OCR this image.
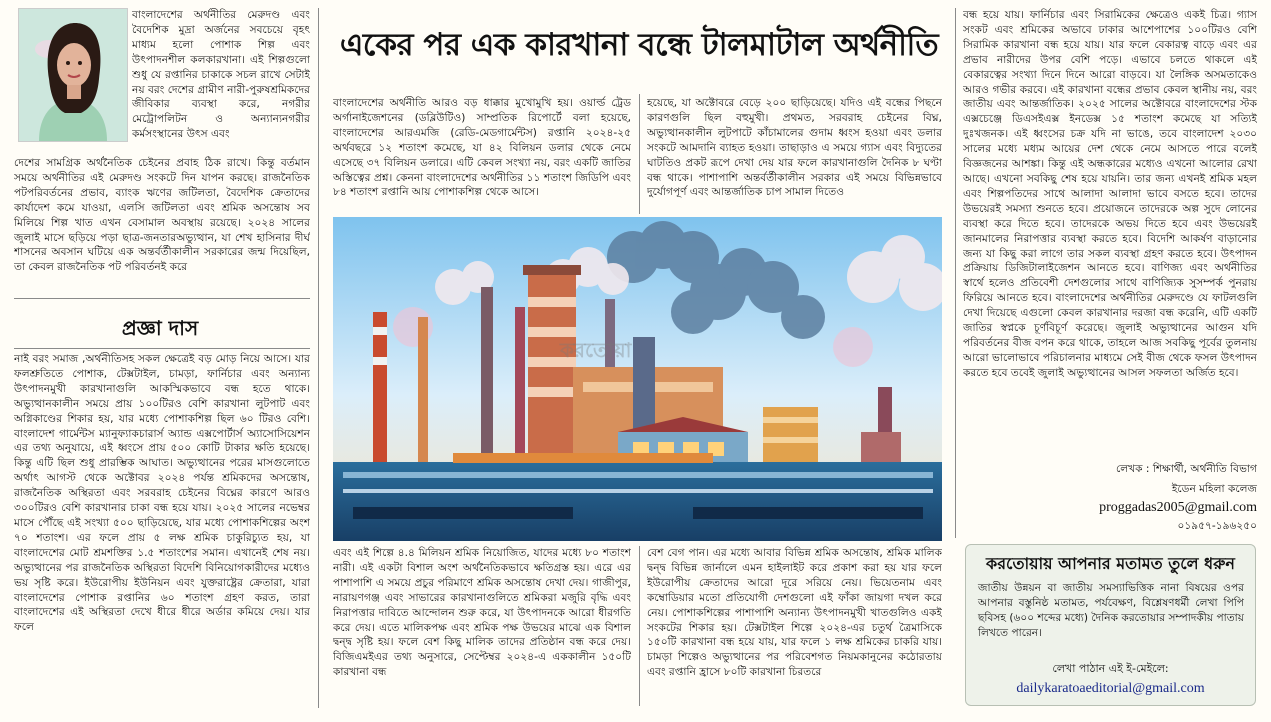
একের পর এক কারখানা বন্ধে টালমাটাল অর্থনীতি

বাংলাদেশের অর্থনীতির মেরুদণ্ড এবং বৈদেশিক মুদ্রা অর্জনের সবচেয়ে বৃহৎ মাধ্যম হলো পোশাক শিল্প এবং উৎপাদনশীল কলকারখানা। এই শিল্পগুলো শুধু যে রপ্তানির চাকাকে সচল রাখে সেটাই নয় বরং দেশের গ্রামীণ নারী-পুরুষশ্রমিকদের জীবিকার ব্যবস্থা করে, নগরীর মেট্রোপলিটন ও অন্যান্যনগরীর কর্মসংস্থানের উৎস এবং

দেশের সামগ্রিক অর্থনৈতিক চেইনের প্রবাহ ঠিক রাখে। কিন্তু বর্তমান সময়ে অর্থনীতির এই মেরুদণ্ড সংকটে দিন যাপন করছে। রাজনৈতিক পটপরিবর্তনের প্রভাব, ব্যাংক ঋণের জটিলতা, বৈদেশিক ক্রেতাদের কার্যাদেশ কমে যাওয়া, এলসি জটিলতা এবং শ্রমিক অসন্তোষ সব মিলিয়ে শিল্প খাত এখন বেসামাল অবস্থায় রয়েছে। ২০২৪ সালের জুলাই মাসে ছড়িয়ে পড়া ছাত্র-জনতারঅভ্যুত্থান, যা শেখ হাসিনার দীর্ঘ শাসনের অবসান ঘটিয়ে এক অন্তর্বর্তীকালীন সরকারের জন্ম দিয়েছিল, তা কেবল রাজনৈতিক পট পরিবর্তনই করে

প্রজ্ঞা দাস

নাই বরং সমাজ ,অর্থনীতিসহ সকল ক্ষেত্রেই বড় মোড় নিয়ে আসে। যার ফলশ্রুতিতে পোশাক, টেক্সটাইল, চামড়া, ফার্নিচার এবং অন্যান্য উৎপাদনমুখী কারখানাগুলি আকস্মিকভাবে বন্ধ হতে থাকে। অভ্যুত্থানকালীন সময়ে প্রায় ১০০টিরও বেশি কারখানা লুটপাট এবং অগ্নিকাণ্ডের শিকার হয়, যার মধ্যে পোশাকশিল্প ছিল ৬০ টিরও বেশি। বাংলাদেশ গার্মেন্টস ম্যানুফ্যাকচারার্স অ্যান্ড এক্সপোর্টার্স অ্যাসোসিয়েশন এর তথ্য অনুযায়ে, এই ধ্বংসে প্রায় ৫০০ কোটি টাকার ক্ষতি হয়েছে। কিন্তু এটি ছিল শুধু প্রারম্ভিক আঘাত। অভ্যুত্থানের পরের মাসগুলোতে অর্থাৎ আগস্ট থেকে অক্টোবর ২০২৪ পর্যন্ত শ্রমিকদের অসন্তোষ, রাজনৈতিক অস্থিরতা এবং সরবরাহ চেইনের বিঘ্নের কারণে আরও ৩০০টিরও বেশি কারখানার চাকা বন্ধ হয়ে যায়। ২০২৫ সালের নভেম্বর মাসে পৌঁছে এই সংখ্যা ৫০০ ছাড়িয়েছে, যার মধ্যে পোশাকশিল্পের অংশ ৭০ শতাংশ। এর ফলে প্রায় ৫ লক্ষ শ্রমিক চাকুরিচ্যুত হয়, যা বাংলাদেশের মোট শ্রমশক্তির ১.৫ শতাংশের সমান। এখানেই শেষ নয়। অভ্যুত্থানের পর রাজনৈতিক অস্থিরতা বিদেশি বিনিয়োগকারীদের মধ্যেও ভয় সৃষ্টি করে। ইউরোপীয় ইউনিয়ন এবং যুক্তরাষ্ট্রের ক্রেতারা, যারা বাংলাদেশের পোশাক রপ্তানির ৬০ শতাংশ গ্রহণ করত, তারা বাংলাদেশের এই অস্থিরতা দেখে ধীরে ধীরে অর্ডার কমিয়ে দেয়। যার ফলে

বাংলাদেশের অর্থনীতি আরও বড় ধাক্কার মুখোমুখি হয়। ওয়ার্ল্ড ট্রেড অর্গানাইজেশনের (ডব্লিউটিও) সাম্প্রতিক রিপোর্টে বলা হয়েছে, বাংলাদেশের আরএমজি (রেডি-মেডগার্মেন্টস) রপ্তানি ২০২৪-২৫ অর্থবছরে ১২ শতাংশ কমেছে, যা ৪২ বিলিয়ন ডলার থেকে নেমে এসেছে ৩৭ বিলিয়ন ডলারে। এটি কেবল সংখ্যা নয়, বরং একটি জাতির অস্তিত্বের প্রশ্ন। কেননা বাংলাদেশের অর্থনীতির ১১ শতাংশ জিডিপি এবং ৮৪ শতাংশ রপ্তানি আয় পোশাকশিল্প থেকে আসে।

হয়েছে, যা অক্টোবরে বেড়ে ২০০ ছাড়িয়েছে। যদিও এই বন্ধের পিছনে কারণগুলি ছিল বহুমুখী। প্রথমত, সরবরাহ চেইনের বিঘ্ন, অভ্যুত্থানকালীন লুটপাটে কাঁচামালের গুদাম ধ্বংস হওয়া এবং ডলার সংকটে আমদানি ব্যাহত হওয়া। তাছাড়াও এ সময়ে গ্যাস এবং বিদ্যুতের ঘাটতিও প্রকট রূপে দেখা দেয় যার ফলে কারখানাগুলি দৈনিক ৮ ঘণ্টা বন্ধ থাকে। পাশাপাশি অন্তর্বর্তীকালীন সরকার এই সময়ে বিভিন্নভাবে দুর্যোগপূর্ণ এবং আন্তর্জাতিক চাপ সামাল দিতেও

করতোয়া

এবং এই শিল্পে ৪.৪ মিলিয়ন শ্রমিক নিয়োজিত, যাদের মধ্যে ৮০ শতাংশ নারী। এই একটা বিশাল অংশ অর্থনৈতিকভাবে ক্ষতিগ্রস্ত হয়। এরে এর পাশাপাশি এ সময়ে প্রচুর পরিমাণে শ্রমিক অসন্তোষ দেখা দেয়। গাজীপুর, নারায়ণগঞ্জ এবং সাভারের কারখানাগুলিতে শ্রমিকরা মজুরি বৃদ্ধি এবং নিরাপত্তার দাবিতে আন্দোলন শুরু করে, যা উৎপাদনকে আরো ধীরগতি করে দেয়। এতে মালিকপক্ষ এবং শ্রমিক পক্ষ উভয়ের মাঝে এক বিশাল দ্বন্দ্ব সৃষ্টি হয়। ফলে বেশ কিছু মালিক তাদের প্রতিষ্ঠান বন্ধ করে দেয়। বিজিএমইএর তথ্য অনুসারে, সেপ্টেম্বর ২০২৪-এ এককালীন ১৫০টি কারখানা বন্ধ

বেশ বেগ পান। এর মধ্যে আবার বিভিন্ন শ্রমিক অসন্তোষ, শ্রমিক মালিক দ্বন্দ্ব বিভিন্ন জার্নালে এমন হাইলাইট করে প্রকাশ করা হয় যার ফলে ইউরোপীয় ক্রেতাদের আরো দূরে সরিয়ে নেয়। ভিয়েতনাম এবং কম্বোডিয়ার মতো প্রতিযোগী দেশগুলো এই ফাঁকা জায়গা দখল করে নেয়। পোশাকশিল্পের পাশাপাশি অন্যান্য উৎপাদনমুখী খাতগুলিও একই সংকটের শিকার হয়। টেক্সটাইল শিল্পে ২০২৪-এর চতুর্থ ত্রৈমাসিকে ১৫০টি কারখানা বন্ধ হয়ে যায়, যার ফলে ১ লক্ষ শ্রমিকের চাকরি যায়। চামড়া শিল্পেও অভ্যুত্থানের পর পরিবেশগত নিয়মকানুনের কঠোরতায় এবং রপ্তানি হ্রাসে ৮০টি কারখানা চিরতরে

বন্ধ হয়ে যায়। ফার্নিচার এবং সিরামিকের ক্ষেত্রেও একই চিত্র। গ্যাস সংকট এবং শ্রমিকের অভাবে ঢাকার আশেপাশের ১০০টিরও বেশি সিরামিক কারখানা বন্ধ হয়ে যায়। যার ফলে বেকারত্ব বাড়ে এবং এর প্রভাব নারীদের উপর বেশি পড়ে। এভাবে চলতে থাকলে এই বেকারত্বের সংখ্যা দিনে দিনে আরো বাড়বে। যা লৈঙ্গিক অসমতাকেও আরও গভীর করবে। এই কারখানা বন্ধের প্রভাব কেবল স্থানীয় নয়, বরং জাতীয় এবং আন্তর্জাতিক। ২০২৫ সালের অক্টোবরে বাংলাদেশের স্টক এক্সচেঞ্জে ডিএসইএক্স ইনডেক্স ১৫ শতাংশ কমেছে যা সত্যিই দুঃখজনক। এই ধ্বংসের চক্র যদি না ভাঙে, তবে বাংলাদেশ ২০৩০ সালের মধ্যে মধ্যম আয়ের দেশ থেকে নেমে আসতে পারে বলেই বিজ্ঞজনের আশঙ্কা। কিন্তু এই অন্ধকারের মধ্যেও এখনো আলোর রেখা আছে। এখনো সবকিছু শেষ হয়ে যায়নি। তার জন্য এখনই শ্রমিক মহল এবং শিল্পপতিদের সাথে আলাদা আলাদা ভাবে বসতে হবে। তাদের উভয়েরই সমস্যা শুনতে হবে। প্রয়োজনে তাদেরকে অল্প সুদে লোনের ব্যবস্থা করে দিতে হবে। তাদেরকে অভয় দিতে হবে এবং উভয়েরই জানমালের নিরাপত্তার ব্যবস্থা করতে হবে। বিদেশি আকর্ষণ বাড়ানোর জন্য যা কিছু করা লাগে তার সকল ব্যবস্থা গ্রহণ করতে হবে। উৎপাদন প্রক্রিয়ায় ডিজিটালাইজেশন আনতে হবে। বাণিজ্য এবং অর্থনীতির স্বার্থে হলেও প্রতিবেশী দেশগুলোর সাথে বাণিজ্যিক সুসম্পর্ক পুনরায় ফিরিয়ে আনতে হবে। বাংলাদেশের অর্থনীতির মেরুদণ্ডে যে ফাটলগুলি দেখা দিয়েছে এগুলো কেবল কারখানার দরজা বন্ধ করেনি, এটি একটি জাতির স্বপ্নকে চূর্ণবিচূর্ণ করেছে। জুলাই অভ্যুত্থানের আগুন যদি পরিবর্তনের বীজ বপন করে থাকে, তাহলে আজ সবকিছু পূর্বের তুলনায় আরো ভালোভাবে পরিচালনার মাধ্যমে সেই বীজ থেকে ফসল উৎপাদন করতে হবে তবেই জুলাই অভ্যুত্থানের আসল সফলতা অর্জিত হবে।

লেখক : শিক্ষার্থী, অর্থনীতি বিভাগ
ইডেন মহিলা কলেজ
proggadas2005@gmail.com
০১৯৫৭-১৯৬২৫০
করতোয়ায় আপনার মতামত তুলে ধরুন
জাতীয় উন্নয়ন বা জাতীয় সমস্যাভিত্তিক নানা বিষয়ের ওপর আপনার বস্তুনিষ্ঠ মতামত, পর্যবেক্ষণ, বিশ্লেষণধর্মী লেখা পিপি ছবিসহ (৬০০ শব্দের মধ্যে) দৈনিক করতোয়ার সম্পাদকীয় পাতায় লিখতে পারেন।
লেখা পাঠান এই ই-মেইলে:
dailykaratoaeditorial@gmail.com
